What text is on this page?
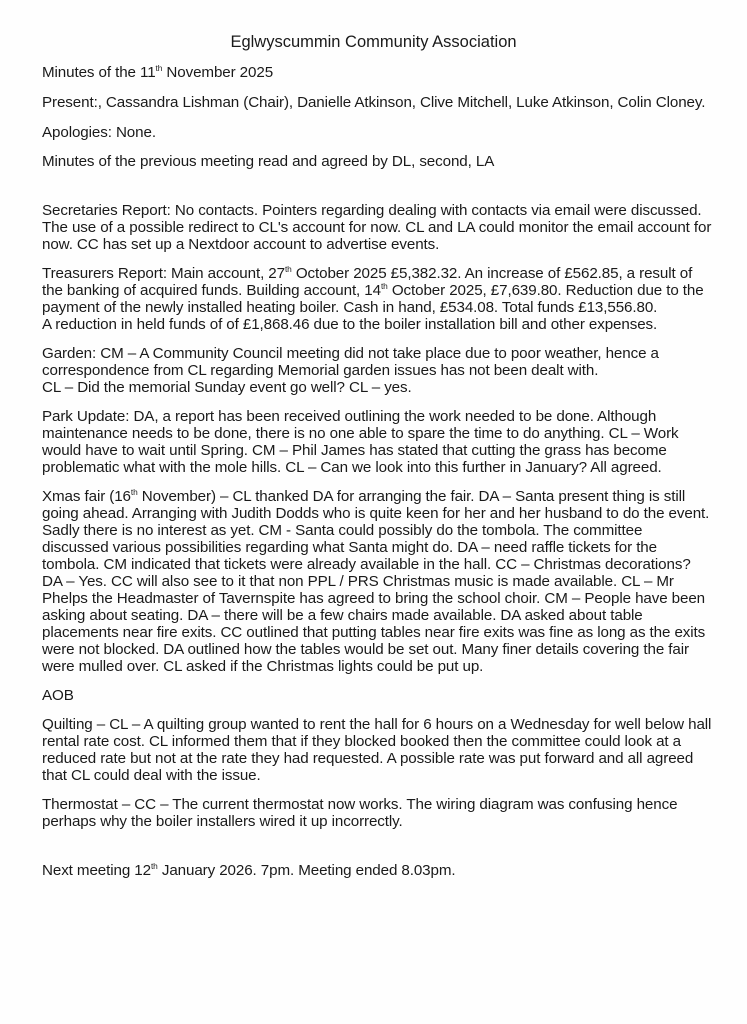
Eglwyscummin Community Association
Minutes of the 11th November 2025
Present:, Cassandra Lishman (Chair), Danielle Atkinson, Clive Mitchell, Luke Atkinson, Colin Cloney.
Apologies: None.
Minutes of the previous meeting read and agreed by DL, second, LA
Secretaries Report: No contacts. Pointers regarding dealing with contacts via email were discussed.
The use of a possible redirect to CL's account for now. CL and LA could monitor the email account for
now. CC has set up a Nextdoor account to advertise events.
Treasurers Report: Main account, 27th October 2025 £5,382.32. An increase of £562.85, a result of
the banking of acquired funds. Building account, 14th October 2025, £7,639.80. Reduction due to the
payment of the newly installed heating boiler. Cash in hand, £534.08. Total funds £13,556.80.
A reduction in held funds of of £1,868.46 due to the boiler installation bill and other expenses.
Garden: CM – A Community Council meeting did not take place due to poor weather, hence a
correspondence from CL regarding Memorial garden issues has not been dealt with.
CL – Did the memorial Sunday event go well? CL – yes.
Park Update: DA, a report has been received outlining the work needed to be done. Although
maintenance needs to be done, there is no one able to spare the time to do anything. CL – Work
would have to wait until Spring. CM – Phil James has stated that cutting the grass has become
problematic what with the mole hills. CL – Can we look into this further in January? All agreed.
Xmas fair (16th November) – CL thanked DA for arranging the fair. DA – Santa present thing is still
going ahead. Arranging with Judith Dodds who is quite keen for her and her husband to do the event.
Sadly there is no interest as yet. CM - Santa could possibly do the tombola. The committee
discussed various possibilities regarding what Santa might do. DA – need raffle tickets for the
tombola. CM indicated that tickets were already available in the hall. CC – Christmas decorations?
DA – Yes. CC will also see to it that non PPL / PRS Christmas music is made available. CL – Mr
Phelps the Headmaster of Tavernspite has agreed to bring the school choir. CM – People have been
asking about seating. DA – there will be a few chairs made available. DA asked about table
placements near fire exits. CC outlined that putting tables near fire exits was fine as long as the exits
were not blocked. DA outlined how the tables would be set out. Many finer details covering the fair
were mulled over. CL asked if the Christmas lights could be put up.
AOB
Quilting – CL – A quilting group wanted to rent the hall for 6 hours on a Wednesday for well below hall
rental rate cost. CL informed them that if they blocked booked then the committee could look at a
reduced rate but not at the rate they had requested. A possible rate was put forward and all agreed
that CL could deal with the issue.
Thermostat – CC – The current thermostat now works. The wiring diagram was confusing hence
perhaps why the boiler installers wired it up incorrectly.
Next meeting 12th January 2026. 7pm. Meeting ended 8.03pm.
